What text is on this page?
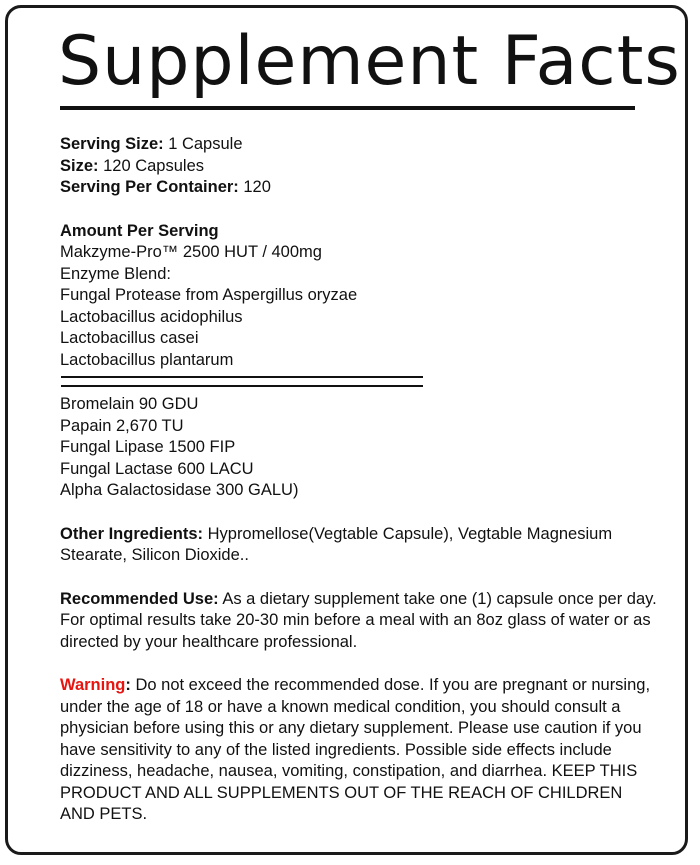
Supplement Facts
Serving Size: 1 Capsule
Size: 120 Capsules
Serving Per Container: 120
Amount Per Serving
Makzyme-Pro™ 2500 HUT / 400mg
Enzyme Blend:
Fungal Protease from Aspergillus oryzae
Lactobacillus acidophilus
Lactobacillus casei
Lactobacillus plantarum
Bromelain 90 GDU
Papain 2,670 TU
Fungal Lipase 1500 FIP
Fungal Lactase 600 LACU
Alpha Galactosidase 300 GALU)

Other Ingredients: Hypromellose(Vegtable Capsule), Vegtable Magnesium Stearate, Silicon Dioxide..

Recommended Use: As a dietary supplement take one (1) capsule once per day. For optimal results take 20-30 min before a meal with an 8oz glass of water or as directed by your healthcare professional.

Warning: Do not exceed the recommended dose. If you are pregnant or nursing, under the age of 18 or have a known medical condition, you should consult a physician before using this or any dietary supplement. Please use caution if you have sensitivity to any of the listed ingredients. Possible side effects include dizziness, headache, nausea, vomiting, constipation, and diarrhea. KEEP THIS PRODUCT AND ALL SUPPLEMENTS OUT OF THE REACH OF CHILDREN AND PETS.
